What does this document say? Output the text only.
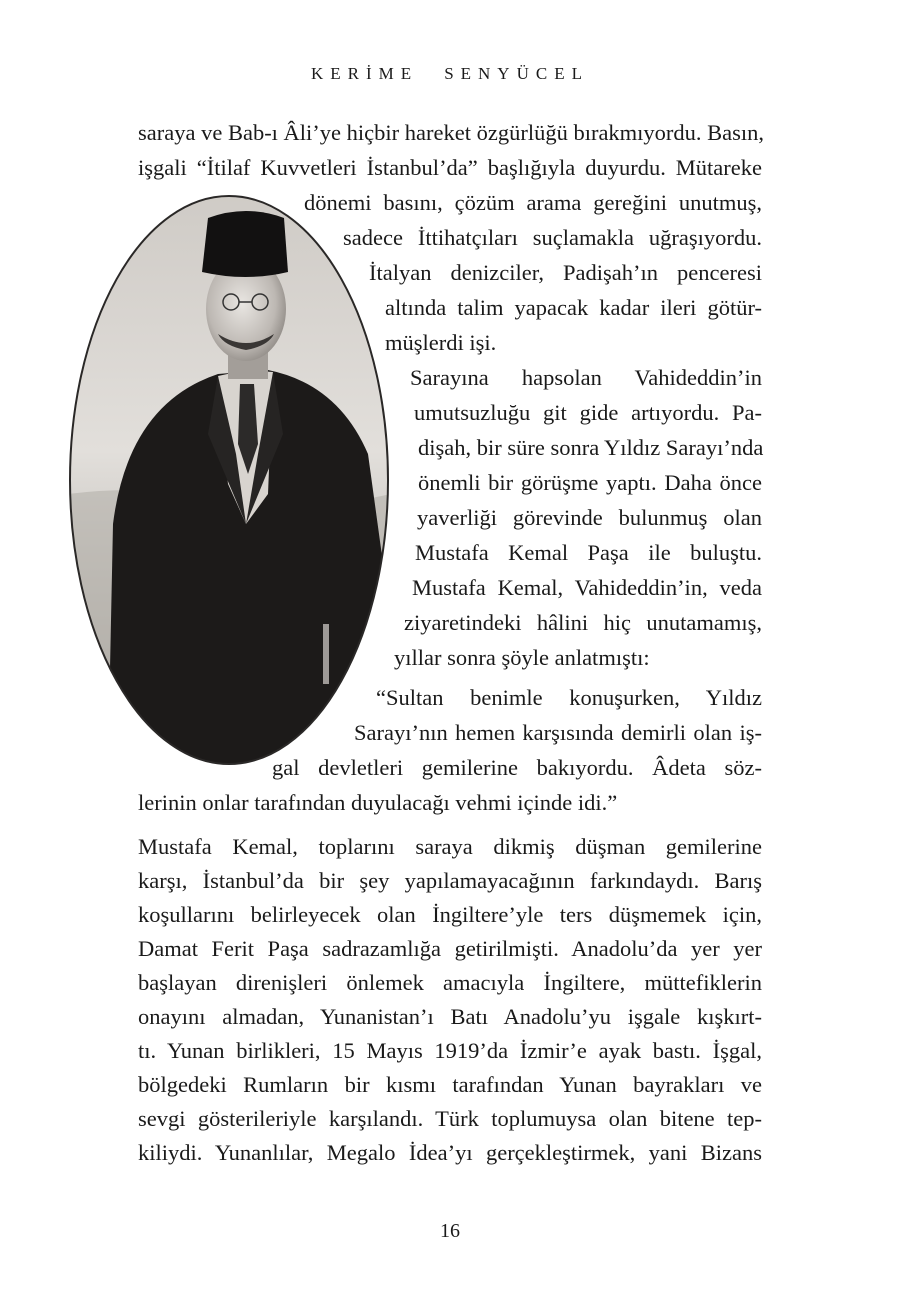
KERİME SENYÜCEL
saraya ve Bab-ı Âli’ye hiçbir hareket özgürlüğü bırakmıyordu. Basın,
işgali “İtilaf Kuvvetleri İstanbul’da” başlığıyla duyurdu. Mütareke
dönemi basını, çözüm arama gereğini unutmuş,
sadece İttihatçıları suçlamakla uğraşıyordu.
İtalyan denizciler, Padişah’ın penceresi
altında talim yapacak kadar ileri götür-
müşlerdi işi.
Sarayına hapsolan Vahideddin’in
umutsuzluğu git gide artıyordu. Pa-
dişah, bir süre sonra Yıldız Sarayı’nda
önemli bir görüşme yaptı. Daha önce
yaverliği görevinde bulunmuş olan
Mustafa Kemal Paşa ile buluştu.
Mustafa Kemal, Vahideddin’in, veda
ziyaretindeki hâlini hiç unutamamış,
yıllar sonra şöyle anlatmıştı:
“Sultan benimle konuşurken, Yıldız
Sarayı’nın hemen karşısında demirli olan iş-
gal devletleri gemilerine bakıyordu. Âdeta söz-
lerinin onlar tarafından duyulacağı vehmi içinde idi.”
Mustafa Kemal, toplarını saraya dikmiş düşman gemilerine
karşı, İstanbul’da bir şey yapılamayacağının farkındaydı. Barış
koşullarını belirleyecek olan İngiltere’yle ters düşmemek için,
Damat Ferit Paşa sadrazamlığa getirilmişti. Anadolu’da yer yer
başlayan direnişleri önlemek amacıyla İngiltere, müttefiklerin
onayını almadan, Yunanistan’ı Batı Anadolu’yu işgale kışkırt-
tı. Yunan birlikleri, 15 Mayıs 1919’da İzmir’e ayak bastı. İşgal,
bölgedeki Rumların bir kısmı tarafından Yunan bayrakları ve
sevgi gösterileriyle karşılandı. Türk toplumuysa olan bitene tep-
kiliydi. Yunanlılar, Megalo İdea’yı gerçekleştirmek, yani Bizans
16
